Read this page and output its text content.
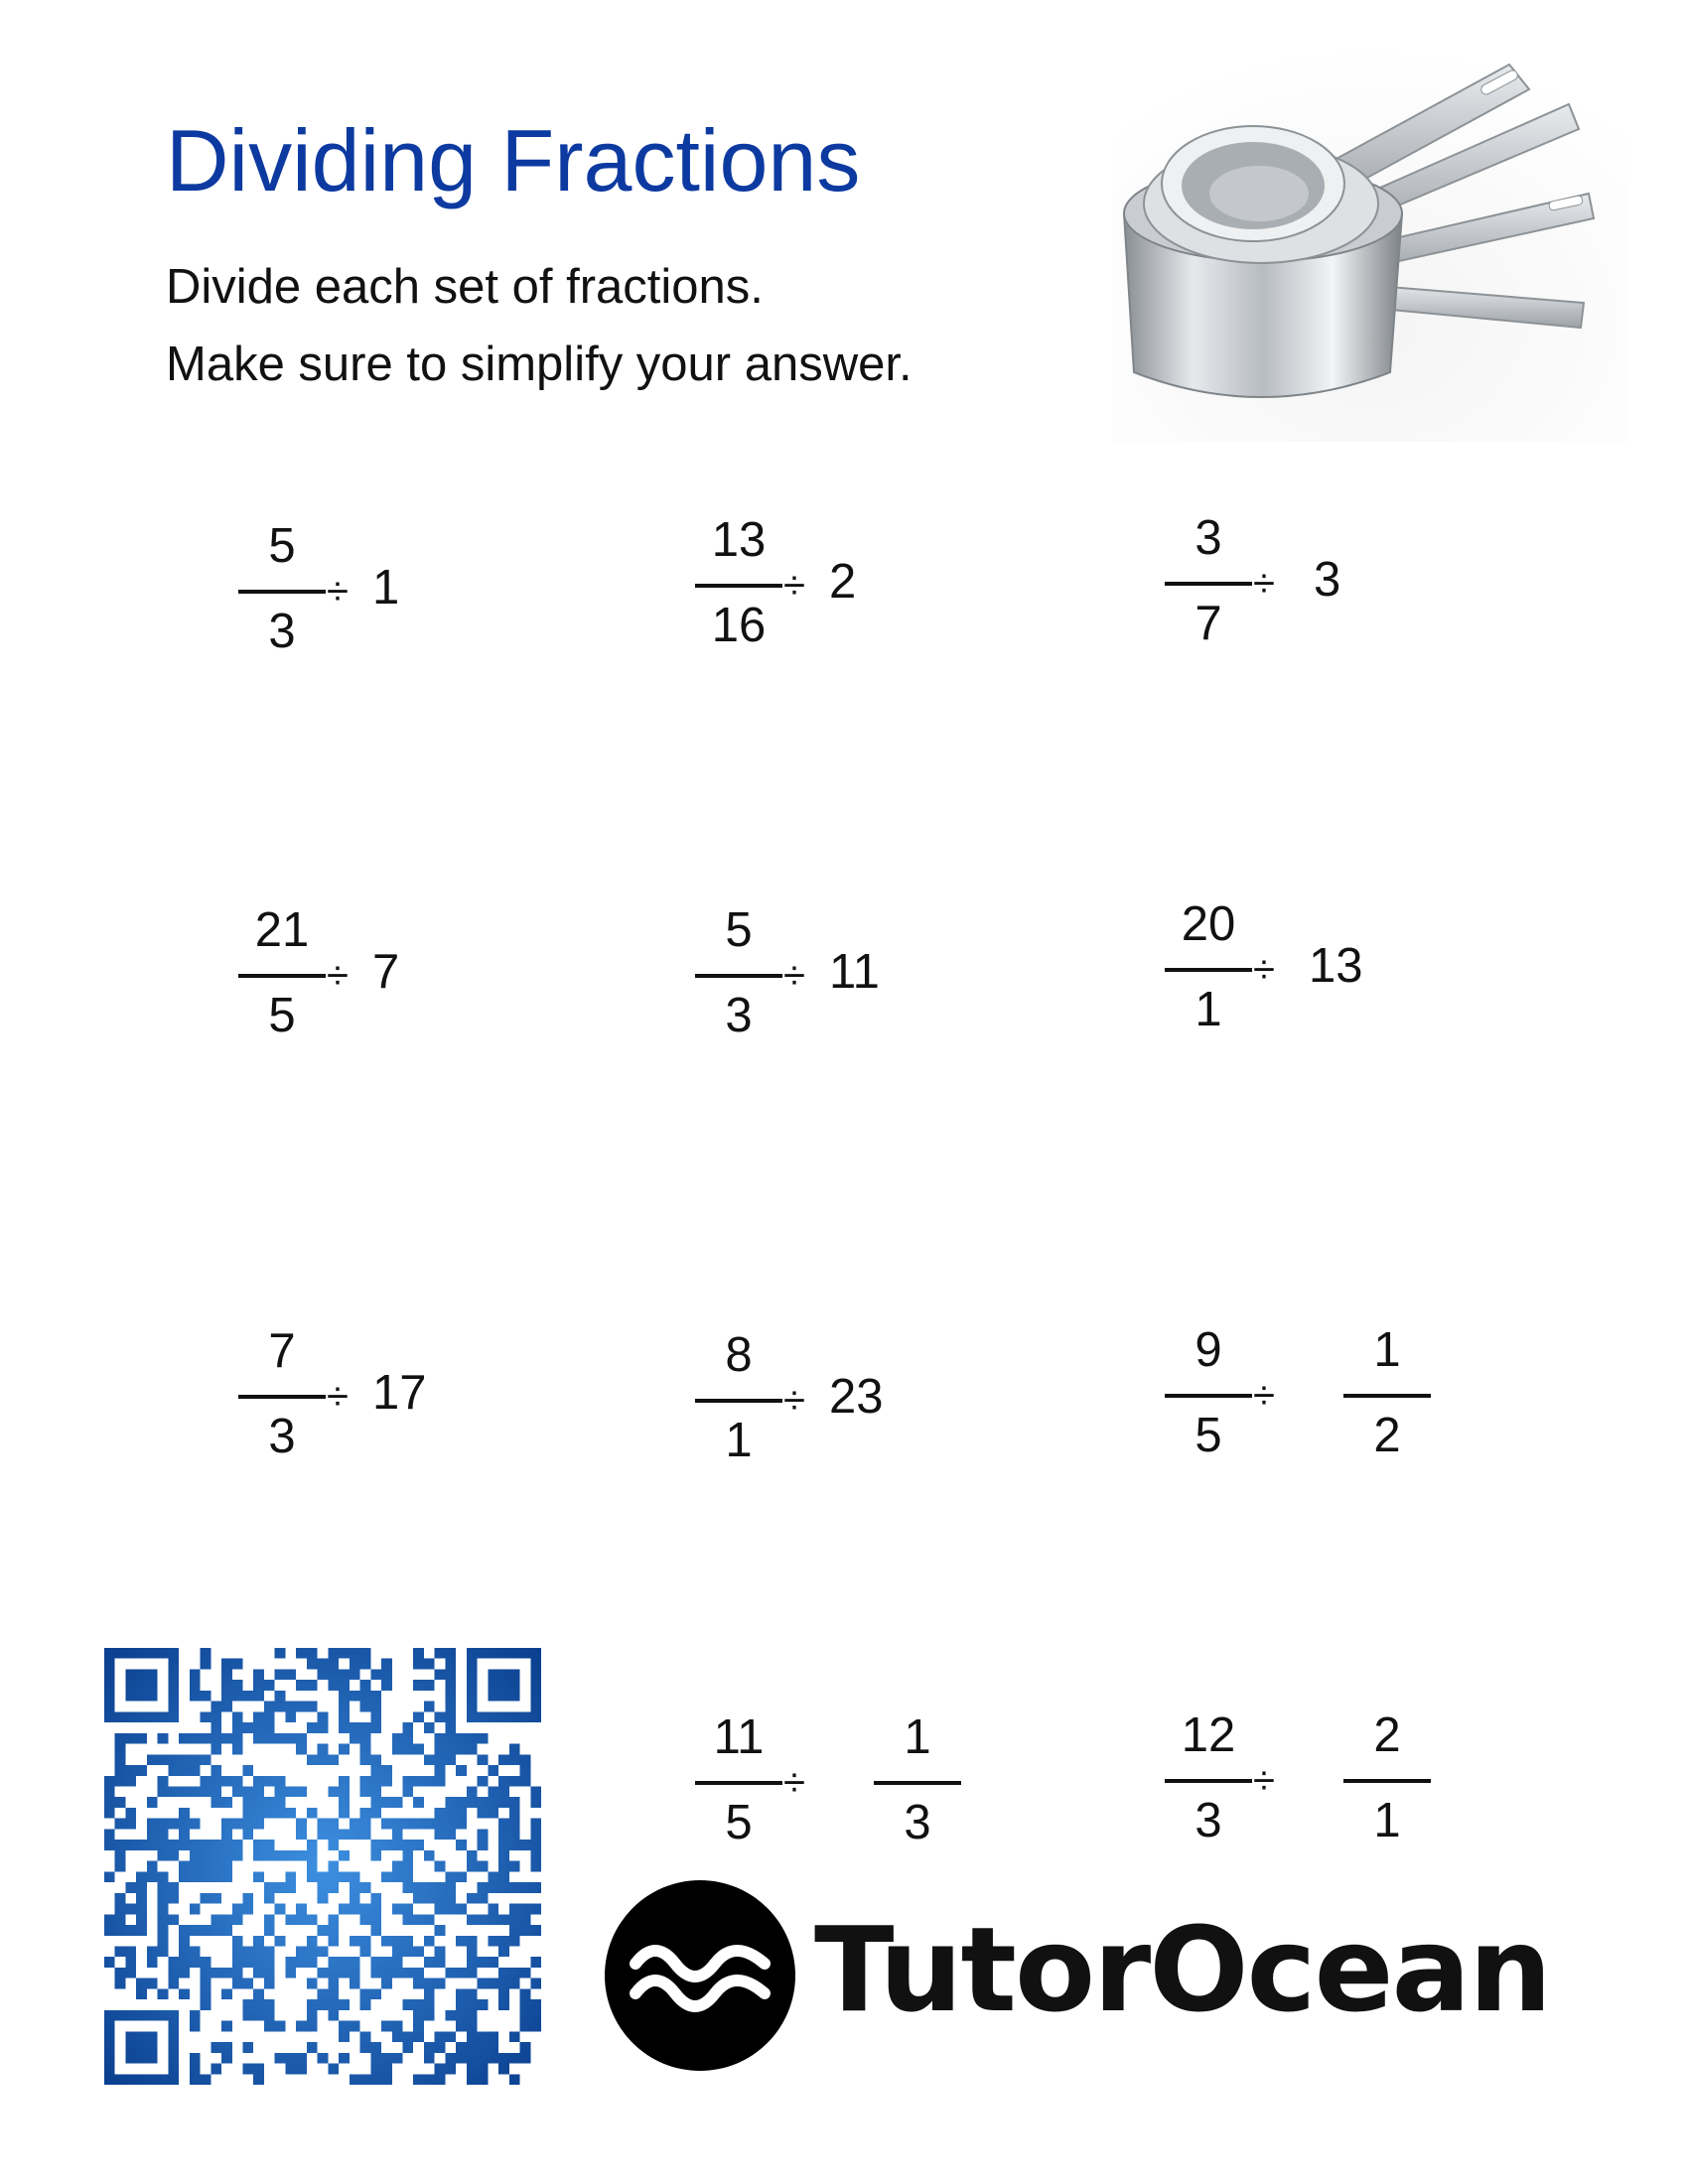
Dividing Fractions

Divide each set of fractions.

Make sure to simplify your answer.

5
3
÷ 1
13
16
÷ 2
3
7
÷ 3
21
5
÷ 7
5
3
÷ 11
20
1
÷ 13
7
3
÷ 17
8
1
÷ 23
9
5
÷
1
2
11
5
÷
1
3
12
3
÷
2
1

TutorOcean
